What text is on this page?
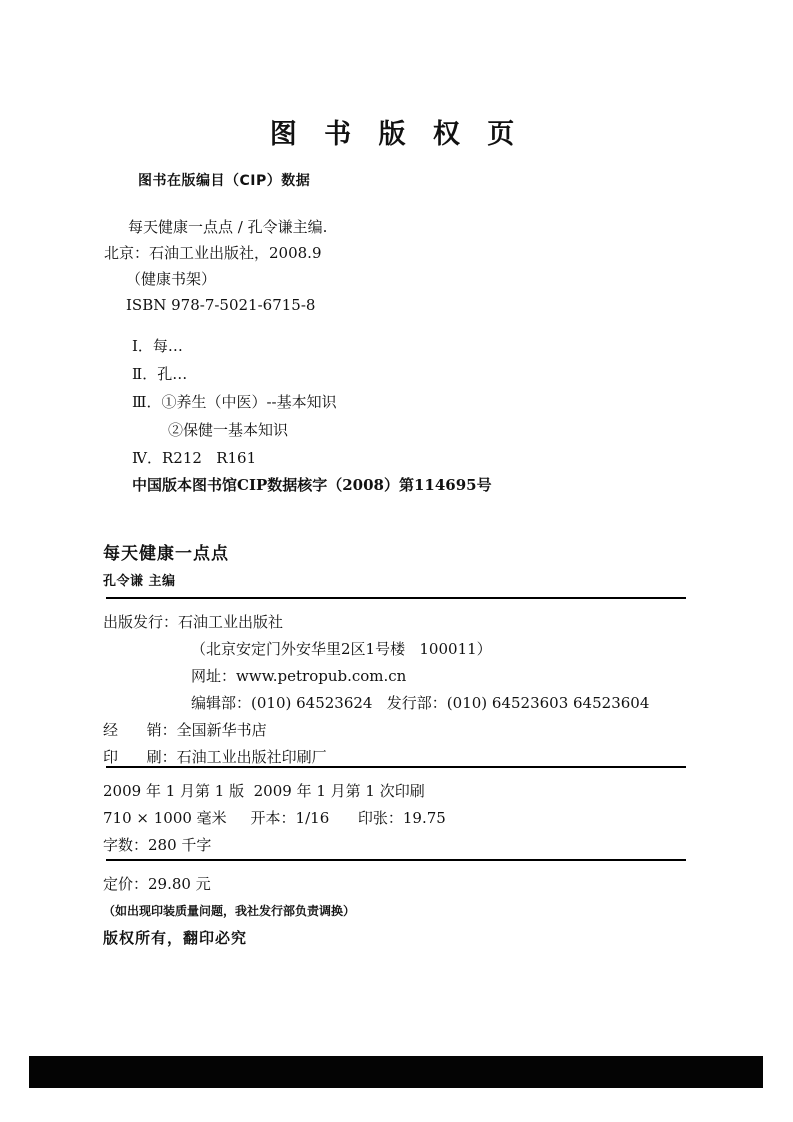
图 书 版 权 页
图书在版编目（CIP）数据
每天健康一点点 / 孔令谦主编.
北京：石油工业出版社，2008.9
（健康书架）
ISBN 978-7-5021-6715-8
Ⅰ．每…
Ⅱ．孔…
Ⅲ．①养生（中医）--基本知识
②保健一基本知识
Ⅳ．R212   R161
中国版本图书馆CIP数据核字（2008）第114695号
每天健康一点点
孔令谦 主编
出版发行：石油工业出版社
（北京安定门外安华里2区1号楼   100011）
网址：www.petropub.com.cn
编辑部：(010) 64523624 发行部：(010) 64523603 64523604
经      销：全国新华书店
印      刷：石油工业出版社印刷厂
2009 年 1 月第 1 版  2009 年 1 月第 1 次印刷
710 × 1000 毫米 开本：1/16 印张：19.75
字数：280 千字
定价：29.80 元
（如出现印装质量问题，我社发行部负责调换）
版权所有，翻印必究
